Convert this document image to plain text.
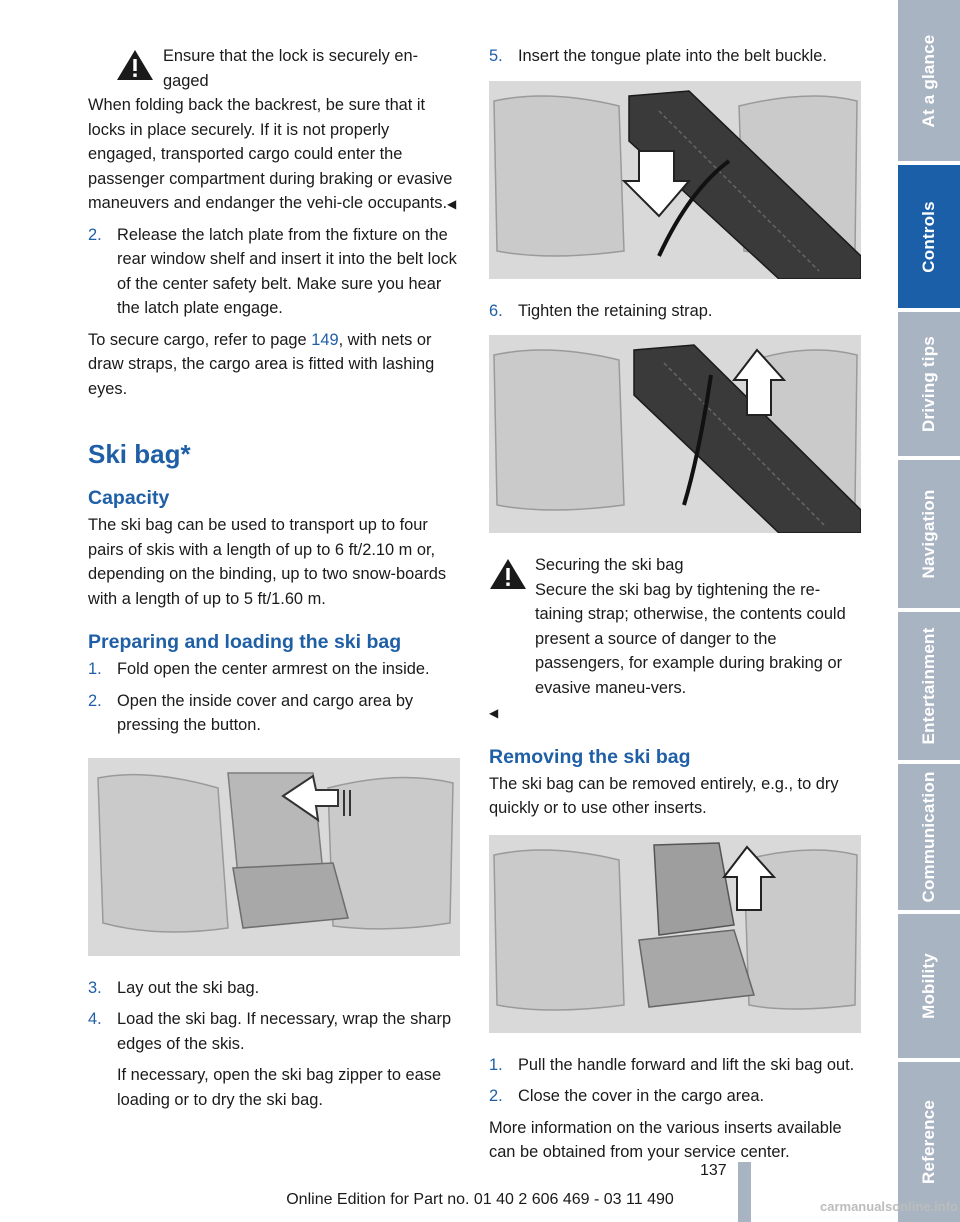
Ensure that the lock is securely en‐gaged
When folding back the backrest, be sure that it locks in place securely. If it is not properly engaged, transported cargo could enter the passenger compartment during braking or evasive maneuvers and endanger the vehi‐cle occupants.◀
2. Release the latch plate from the fixture on the rear window shelf and insert it into the belt lock of the center safety belt. Make sure you hear the latch plate engage.

To secure cargo, refer to page 149, with nets or draw straps, the cargo area is fitted with lashing eyes.

Ski bag*
Capacity

The ski bag can be used to transport up to four pairs of skis with a length of up to 6 ft/2.10 m or, depending on the binding, up to two snow‐boards with a length of up to 5 ft/1.60 m.

Preparing and loading the ski bag
1. Fold open the center armrest on the inside.
2. Open the inside cover and cargo area by pressing the button.
3. Lay out the ski bag.
4. Load the ski bag. If necessary, wrap the sharp edges of the skis.
If necessary, open the ski bag zipper to ease loading or to dry the ski bag.
5. Insert the tongue plate into the belt buckle.
6. Tighten the retaining strap.
Securing the ski bag
Secure the ski bag by tightening the re‐taining strap; otherwise, the contents could present a source of danger to the passengers, for example during braking or evasive maneu‐vers.
◀
Removing the ski bag

The ski bag can be removed entirely, e.g., to dry quickly or to use other inserts.

1. Pull the handle forward and lift the ski bag out.
2. Close the cover in the cargo area.

More information on the various inserts available can be obtained from your service center.

At a glance
Controls
Driving tips
Navigation
Entertainment
Communication
Mobility
Reference
137
Online Edition for Part no. 01 40 2 606 469 - 03 11 490	carmanualsonline.info
